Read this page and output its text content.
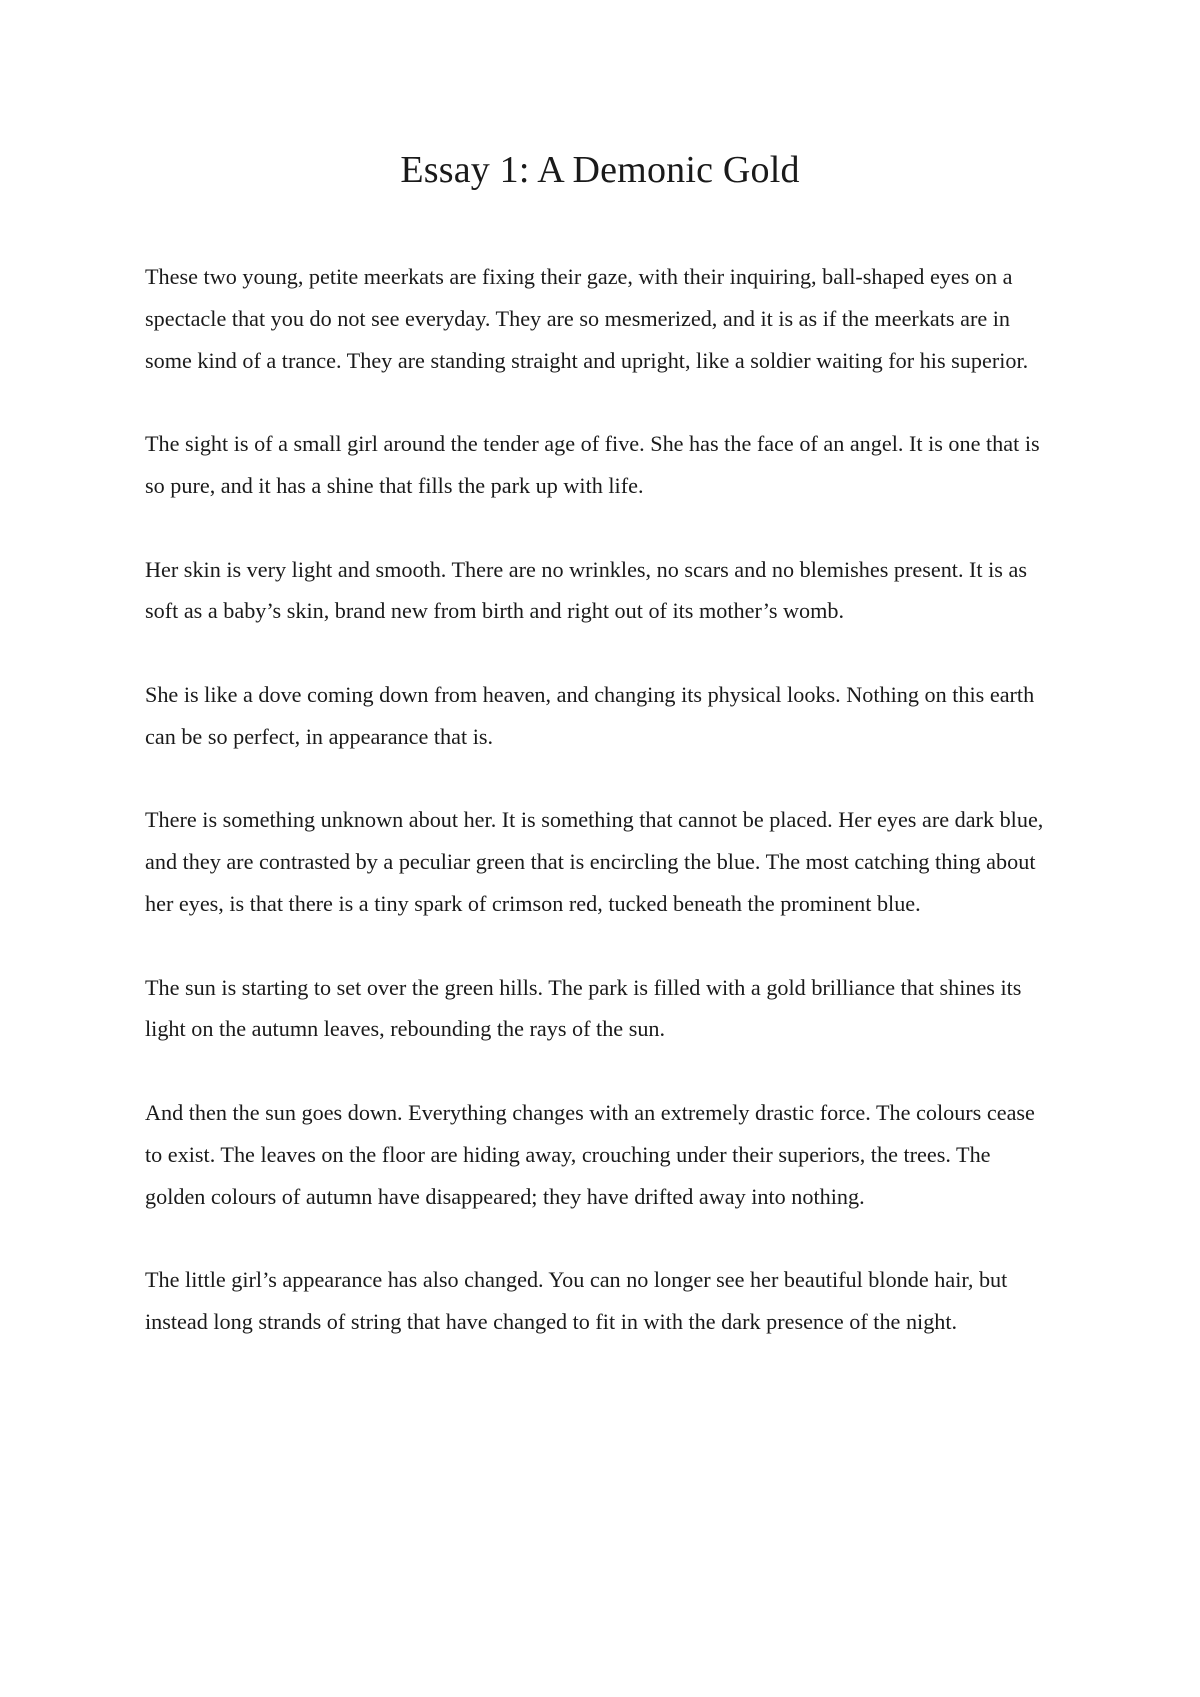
Essay 1: A Demonic Gold

These two young, petite meerkats are fixing their gaze, with their inquiring, ball-shaped eyes on a spectacle that you do not see everyday. They are so mesmerized, and it is as if the meerkats are in some kind of a trance. They are standing straight and upright, like a soldier waiting for his superior.

The sight is of a small girl around the tender age of five. She has the face of an angel. It is one that is so pure, and it has a shine that fills the park up with life.

Her skin is very light and smooth. There are no wrinkles, no scars and no blemishes present. It is as soft as a baby’s skin, brand new from birth and right out of its mother’s womb.

She is like a dove coming down from heaven, and changing its physical looks. Nothing on this earth can be so perfect, in appearance that is.

There is something unknown about her. It is something that cannot be placed. Her eyes are dark blue, and they are contrasted by a peculiar green that is encircling the blue. The most catching thing about her eyes, is that there is a tiny spark of crimson red, tucked beneath the prominent blue.

The sun is starting to set over the green hills. The park is filled with a gold brilliance that shines its light on the autumn leaves, rebounding the rays of the sun.

And then the sun goes down. Everything changes with an extremely drastic force. The colours cease to exist. The leaves on the floor are hiding away, crouching under their superiors, the trees. The golden colours of autumn have disappeared; they have drifted away into nothing.

The little girl’s appearance has also changed. You can no longer see her beautiful blonde hair, but instead long strands of string that have changed to fit in with the dark presence of the night.
